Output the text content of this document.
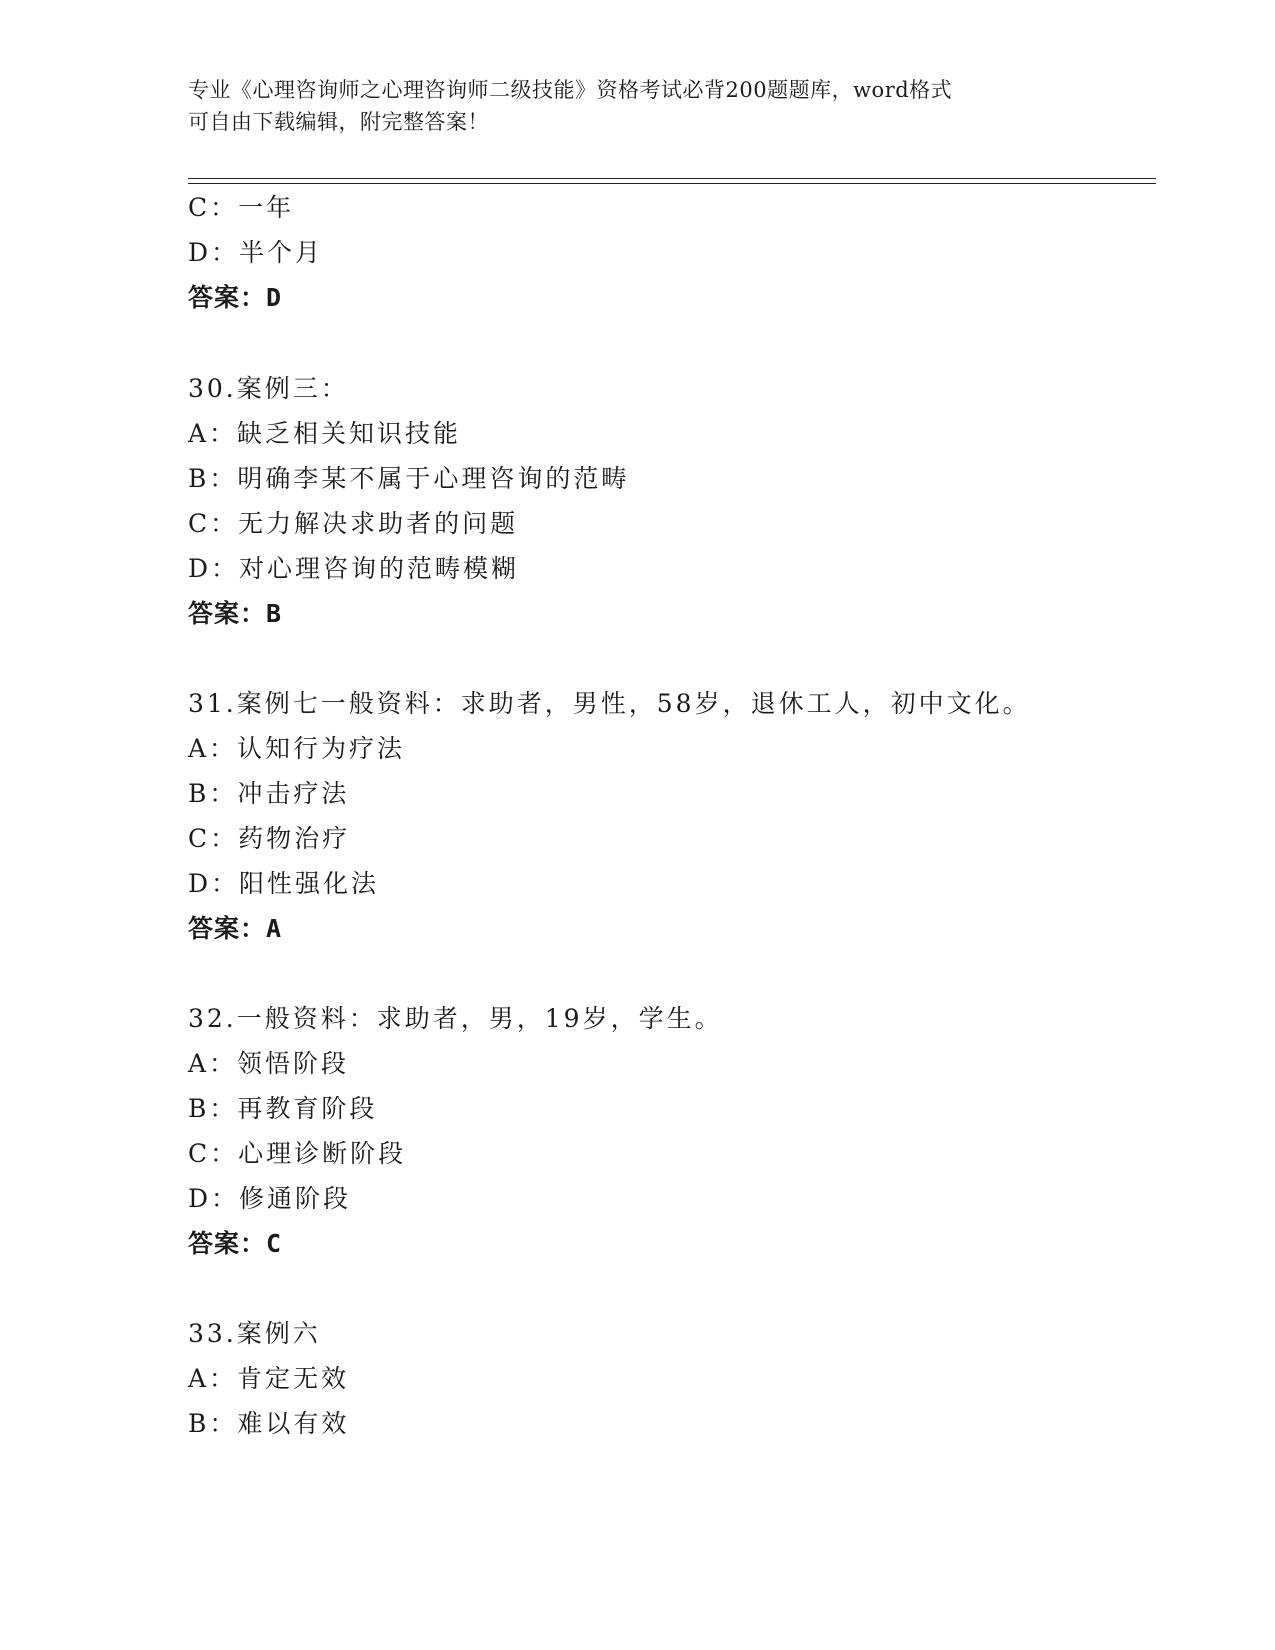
专业《心理咨询师之心理咨询师二级技能》资格考试必背200题题库，word格式
可自由下载编辑，附完整答案！
C：一年
D：半个月
答案：D
30.案例三：
A：缺乏相关知识技能
B：明确李某不属于心理咨询的范畴
C：无力解决求助者的问题
D：对心理咨询的范畴模糊
答案：B
31.案例七一般资料：求助者，男性，58岁，退休工人，初中文化。
A：认知行为疗法
B：冲击疗法
C：药物治疗
D：阳性强化法
答案：A
32.一般资料：求助者，男，19岁，学生。
A：领悟阶段
B：再教育阶段
C：心理诊断阶段
D：修通阶段
答案：C
33.案例六
A：肯定无效
B：难以有效
